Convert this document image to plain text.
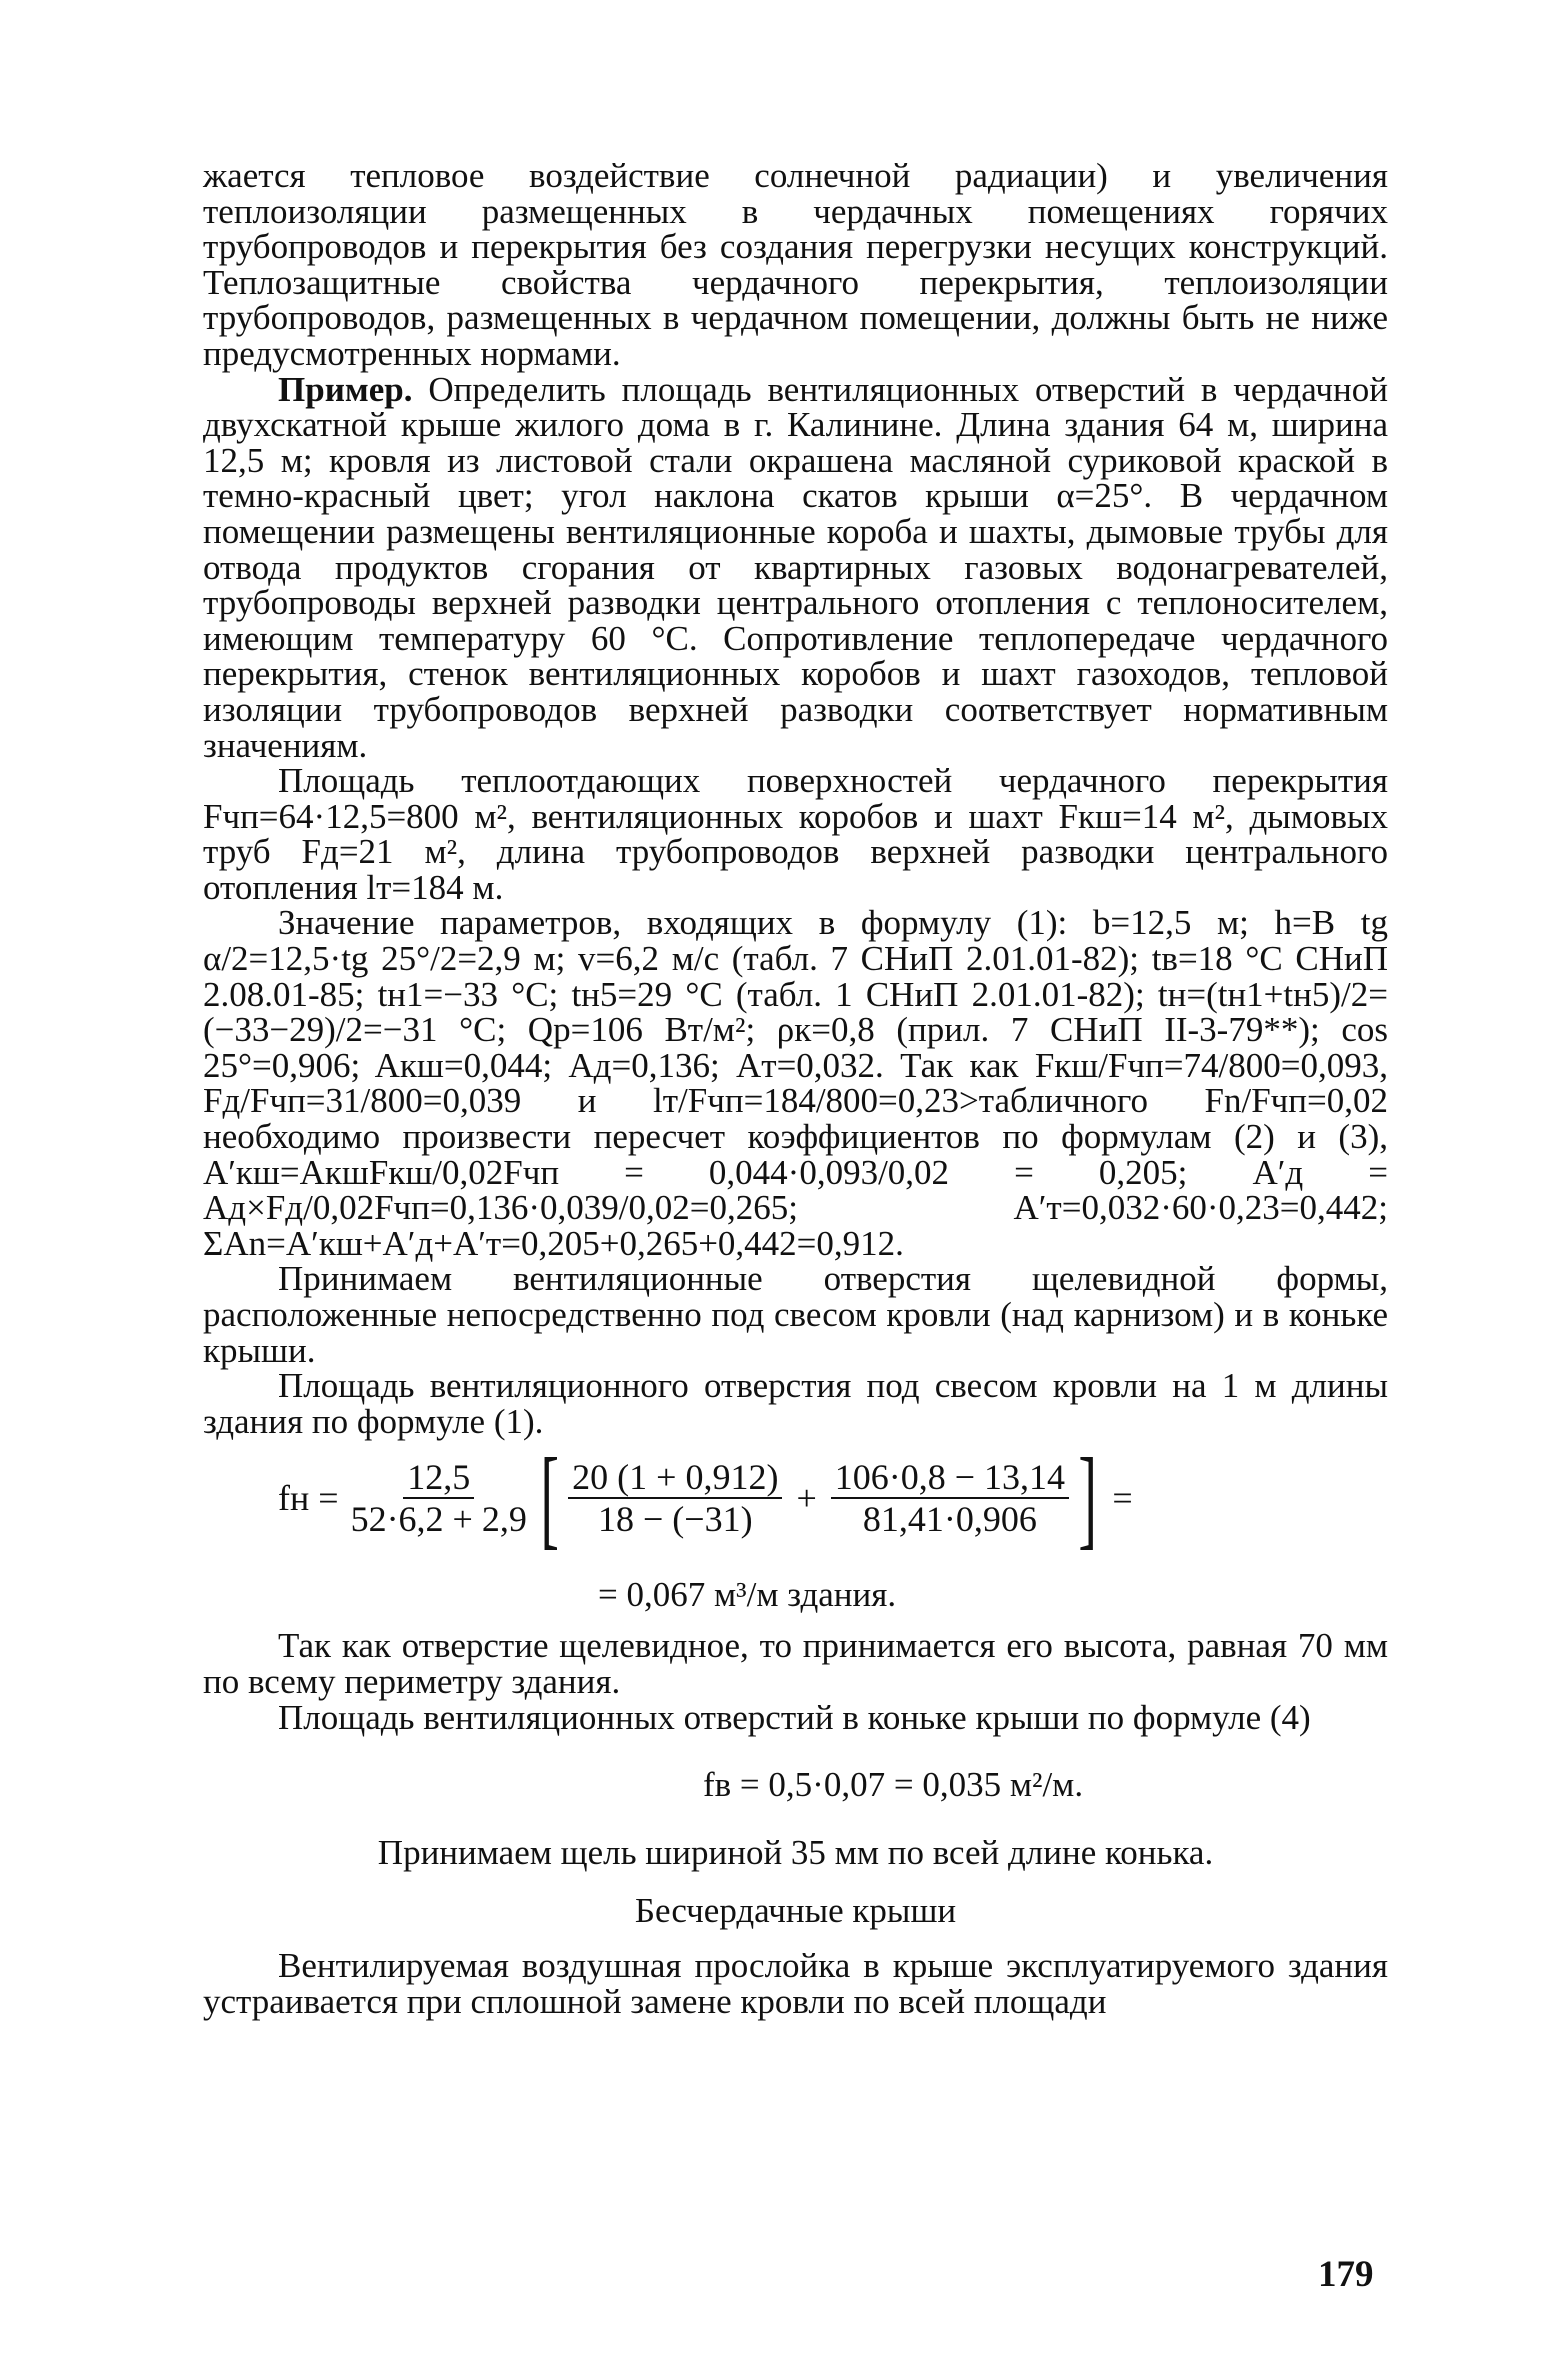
жается тепловое воздействие солнечной радиации) и увеличения теплоизоляции размещенных в чердачных помещениях горячих трубопроводов и перекрытия без создания перегрузки несущих конструкций. Теплозащитные свойства чердачного перекрытия, теплоизоляции трубопроводов, размещенных в чердачном помещении, должны быть не ниже предусмотренных нормами.

Пример. Определить площадь вентиляционных отверстий в чердачной двухскатной крыше жилого дома в г. Калинине. Длина здания 64 м, ширина 12,5 м; кровля из листовой стали окрашена масляной суриковой краской в темно-красный цвет; угол наклона скатов крыши α=25°. В чердачном помещении размещены вентиляционные короба и шахты, дымовые трубы для отвода продуктов сгорания от квартирных газовых водонагревателей, трубопроводы верхней разводки центрального отопления с теплоносителем, имеющим температуру 60 °С. Сопротивление теплопередаче чердачного перекрытия, стенок вентиляционных коробов и шахт газоходов, тепловой изоляции трубопроводов верхней разводки соответствует нормативным значениям.

Площадь теплоотдающих поверхностей чердачного перекрытия Fчп=64·12,5=800 м², вентиляционных коробов и шахт Fкш=14 м², дымовых труб Fд=21 м², длина трубопроводов верхней разводки центрального отопления lт=184 м.

Значение параметров, входящих в формулу (1): b=12,5 м; h=B tg α/2=12,5·tg 25°/2=2,9 м; v=6,2 м/с (табл. 7 СНиП 2.01.01-82); tв=18 °С СНиП 2.08.01-85; tн1=−33 °С; tн5=29 °С (табл. 1 СНиП 2.01.01-82); tн=(tн1+tн5)/2=(−33−29)/2=−31 °С; Qр=106 Вт/м²; ρк=0,8 (прил. 7 СНиП II-3-79**); cos 25°=0,906; Aкш=0,044; Aд=0,136; Aт=0,032. Так как Fкш/Fчп=74/800=0,093, Fд/Fчп=31/800=0,039 и lт/Fчп=184/800=0,23>табличного Fn/Fчп=0,02 необходимо произвести пересчет коэффициентов по формулам (2) и (3), A′кш=AкшFкш/0,02Fчп = 0,044·0,093/0,02 = 0,205; A′д = Aд×Fд/0,02Fчп=0,136·0,039/0,02=0,265; A′т=0,032·60·0,23=0,442; ΣAn=A′кш+A′д+A′т=0,205+0,265+0,442=0,912.

Принимаем вентиляционные отверстия щелевидной формы, расположенные непосредственно под свесом кровли (над карнизом) и в коньке крыши.

Площадь вентиляционного отверстия под свесом кровли на 1 м длины здания по формуле (1).

fн = $\frac{12,5}{52\cdot 6,2 + 2,9}$ [ $\frac{20 (1 + 0,912)}{18 - (-31)} + \frac{106\cdot 0,8 - 13,14}{81,41\cdot 0,906}$ ] =
= 0,067 м³/м здания.

Так как отверстие щелевидное, то принимается его высота, равная 70 мм по всему периметру здания.

Площадь вентиляционных отверстий в коньке крыши по формуле (4)

fв = 0,5·0,07 = 0,035 м²/м.

Принимаем щель шириной 35 мм по всей длине конька.

Бесчердачные крыши

Вентилируемая воздушная прослойка в крыше эксплуатируемого здания устраивается при сплошной замене кровли по всей площади

179
